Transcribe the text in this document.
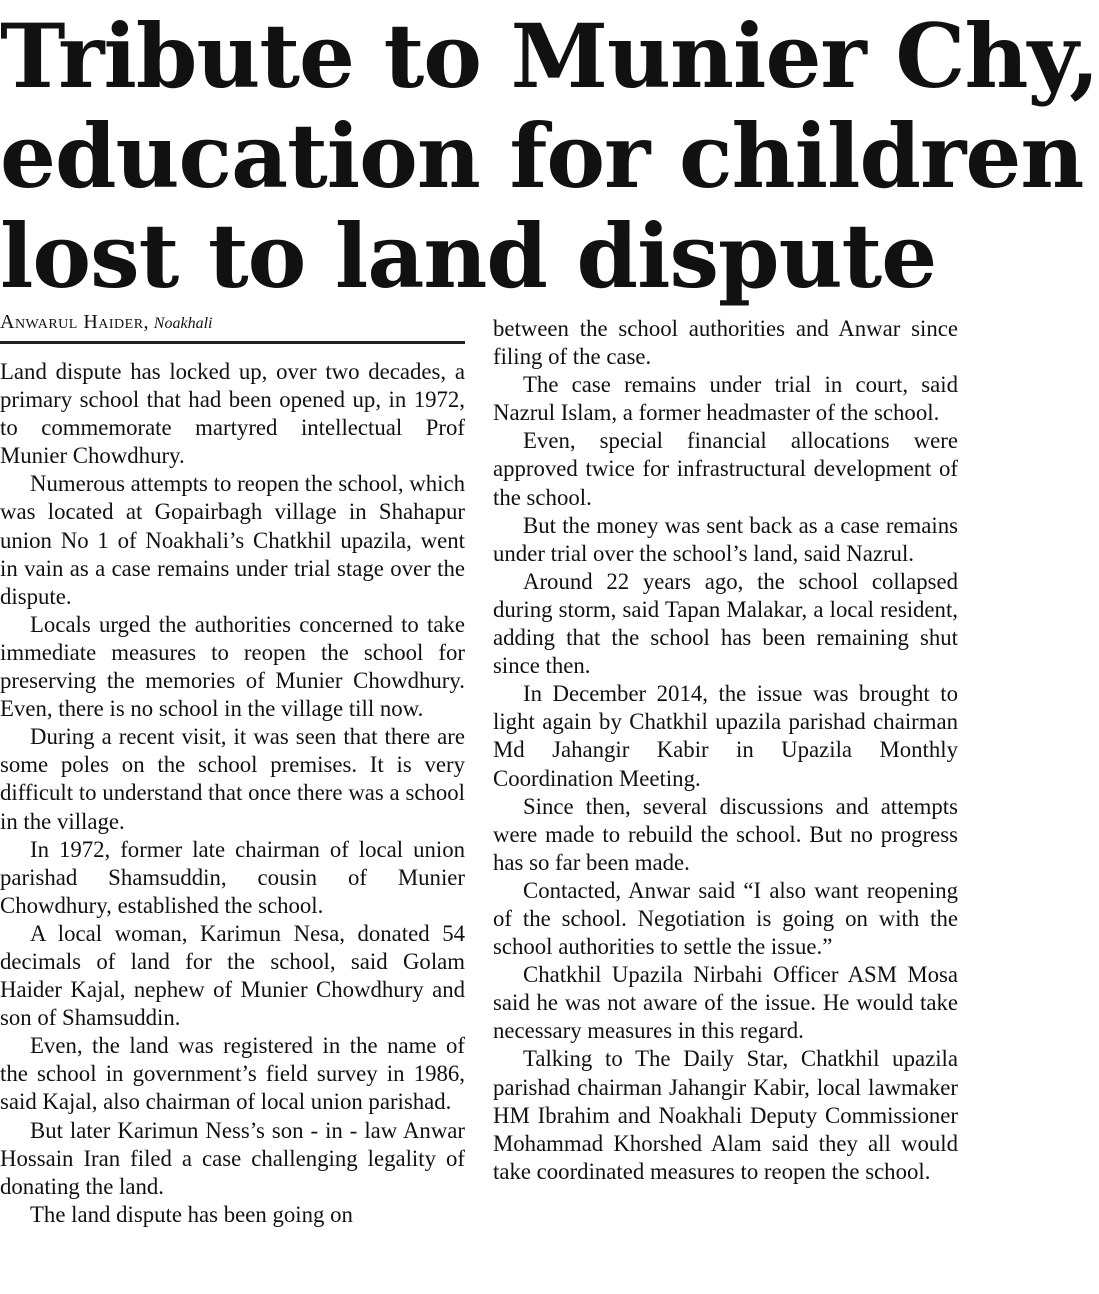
Tribute to Munier Chy,
education for children
lost to land dispute
Anwarul Haider, Noakhali

Land dispute has locked up, over two decades, a primary school that had been opened up, in 1972, to commemorate martyred intellectual Prof Munier Chowdhury.

Numerous attempts to reopen the school, which was located at Gopairbagh village in Shahapur union No 1 of Noakhali’s Chatkhil upazila, went in vain as a case remains under trial stage over the dispute.

Locals urged the authorities concerned to take immediate measures to reopen the school for preserving the memories of Munier Chowdhury. Even, there is no school in the village till now.

During a recent visit, it was seen that there are some poles on the school premises. It is very difficult to understand that once there was a school in the village.

In 1972, former late chairman of local union parishad Shamsuddin, cousin of Munier Chowdhury, established the school.

A local woman, Karimun Nesa, donated 54 decimals of land for the school, said Golam Haider Kajal, nephew of Munier Chowdhury and son of Shamsuddin.

Even, the land was registered in the name of the school in government’s field survey in 1986, said Kajal, also chairman of local union parishad.

But later Karimun Ness’s son - in - law Anwar Hossain Iran filed a case challenging legality of donating the land.

The land dispute has been going on

between the school authorities and Anwar since filing of the case.

The case remains under trial in court, said Nazrul Islam, a former headmaster of the school.

Even, special financial allocations were approved twice for infrastructural development of the school.

But the money was sent back as a case remains under trial over the school’s land, said Nazrul.

Around 22 years ago, the school collapsed during storm, said Tapan Malakar, a local resident, adding that the school has been remaining shut since then.

In December 2014, the issue was brought to light again by Chatkhil upazila parishad chairman Md Jahangir Kabir in Upazila Monthly Coordination Meeting.

Since then, several discussions and attempts were made to rebuild the school. But no progress has so far been made.

Contacted, Anwar said “I also want reopening of the school. Negotiation is going on with the school authorities to settle the issue.”

Chatkhil Upazila Nirbahi Officer ASM Mosa said he was not aware of the issue. He would take necessary measures in this regard.

Talking to The Daily Star, Chatkhil upazila parishad chairman Jahangir Kabir, local lawmaker HM Ibrahim and Noakhali Deputy Commissioner Mohammad Khorshed Alam said they all would take coordinated measures to reopen the school.
